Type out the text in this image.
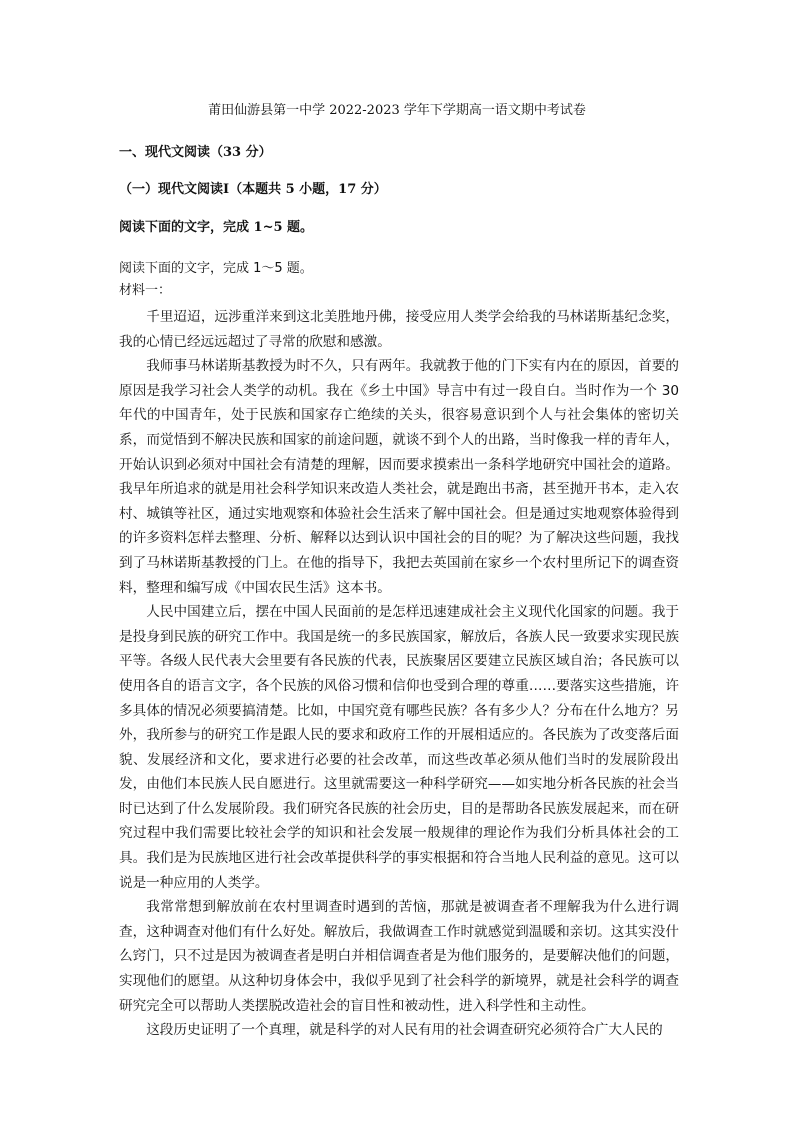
莆田仙游县第一中学 2022-2023 学年下学期高一语文期中考试卷
一、现代文阅读（33 分）
（一）现代文阅读Ⅰ（本题共 5 小题，17 分）
阅读下面的文字，完成 1~5 题。
阅读下面的文字，完成 1～5 题。
材料一：

千里迢迢，远涉重洋来到这北美胜地丹佛，接受应用人类学会给我的马林诺斯基纪念奖，我的心情已经远远超过了寻常的欣慰和感激。

我师事马林诺斯基教授为时不久，只有两年。我就教于他的门下实有内在的原因，首要的原因是我学习社会人类学的动机。我在《乡土中国》导言中有过一段自白。当时作为一个 30 年代的中国青年，处于民族和国家存亡绝续的关头，很容易意识到个人与社会集体的密切关系，而觉悟到不解决民族和国家的前途问题，就谈不到个人的出路，当时像我一样的青年人，开始认识到必须对中国社会有清楚的理解，因而要求摸索出一条科学地研究中国社会的道路。我早年所追求的就是用社会科学知识来改造人类社会，就是跑出书斋，甚至抛开书本，走入农村、城镇等社区，通过实地观察和体验社会生活来了解中国社会。但是通过实地观察体验得到的许多资料怎样去整理、分析、解释以达到认识中国社会的目的呢？为了解决这些问题，我找到了马林诺斯基教授的门上。在他的指导下，我把去英国前在家乡一个农村里所记下的调查资料，整理和编写成《中国农民生活》这本书。

人民中国建立后，摆在中国人民面前的是怎样迅速建成社会主义现代化国家的问题。我于是投身到民族的研究工作中。我国是统一的多民族国家，解放后，各族人民一致要求实现民族平等。各级人民代表大会里要有各民族的代表，民族聚居区要建立民族区域自治；各民族可以使用各自的语言文字，各个民族的风俗习惯和信仰也受到合理的尊重……要落实这些措施，许多具体的情况必须要搞清楚。比如，中国究竟有哪些民族？各有多少人？分布在什么地方？另外，我所参与的研究工作是跟人民的要求和政府工作的开展相适应的。各民族为了改变落后面貌、发展经济和文化，要求进行必要的社会改革，而这些改革必须从他们当时的发展阶段出发，由他们本民族人民自愿进行。这里就需要这一种科学研究——如实地分析各民族的社会当时已达到了什么发展阶段。我们研究各民族的社会历史，目的是帮助各民族发展起来，而在研究过程中我们需要比较社会学的知识和社会发展一般规律的理论作为我们分析具体社会的工具。我们是为民族地区进行社会改革提供科学的事实根据和符合当地人民利益的意见。这可以说是一种应用的人类学。

我常常想到解放前在农村里调查时遇到的苦恼，那就是被调查者不理解我为什么进行调查，这种调查对他们有什么好处。解放后，我做调查工作时就感觉到温暖和亲切。这其实没什么窍门，只不过是因为被调查者是明白并相信调查者是为他们服务的，是要解决他们的问题，实现他们的愿望。从这种切身体会中，我似乎见到了社会科学的新境界，就是社会科学的调查研究完全可以帮助人类摆脱改造社会的盲目性和被动性，进入科学性和主动性。

这段历史证明了一个真理，就是科学的对人民有用的社会调查研究必须符合广大人民的
